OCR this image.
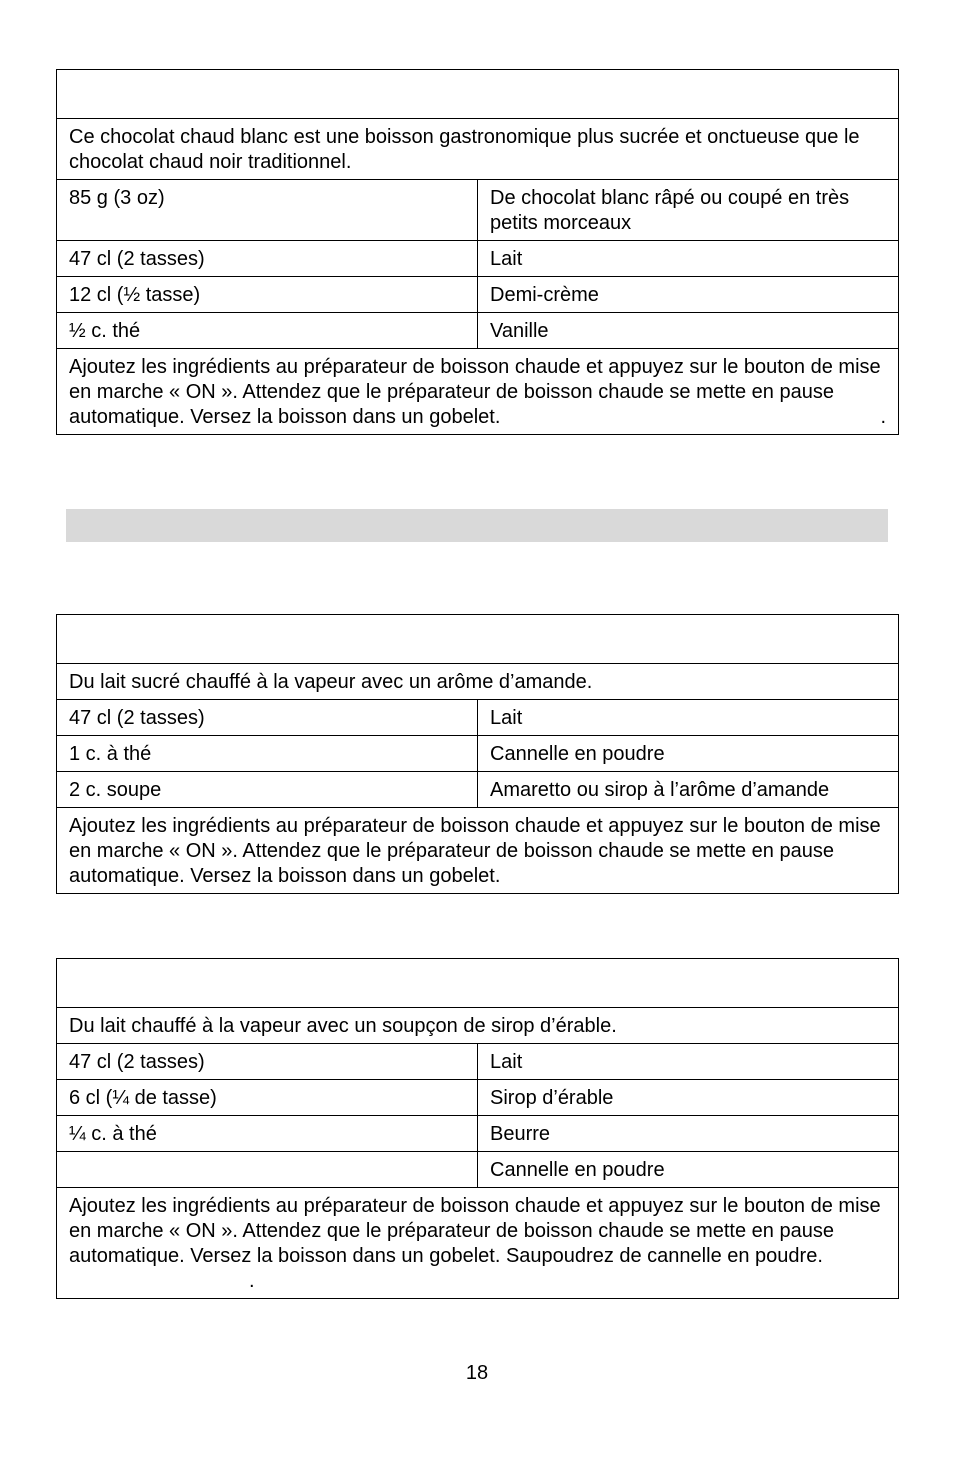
Ce chocolat chaud blanc est une boisson gastronomique plus sucrée et onctueuse que le chocolat chaud noir traditionnel.	
85 g (3 oz)	De chocolat blanc râpé ou coupé en très petits morceaux
47 cl (2 tasses)	Lait
12 cl (½ tasse)	Demi-crème
½ c. thé	Vanille
Ajoutez les ingrédients au préparateur de boisson chaude et appuyez sur le bouton de mise en marche « ON ». Attendez que le préparateur de boisson chaude se mette en pause automatique. Versez la boisson dans un gobelet. .	

Du lait sucré chauffé à la vapeur avec un arôme d’amande.	
47 cl (2 tasses)	Lait
1 c. à thé	Cannelle en poudre
2 c. soupe	Amaretto ou sirop à l’arôme d’amande
Ajoutez les ingrédients au préparateur de boisson chaude et appuyez sur le bouton de mise en marche « ON ». Attendez que le préparateur de boisson chaude se mette en pause automatique. Versez la boisson dans un gobelet.	

Du lait chauffé à la vapeur avec un soupçon de sirop d’érable.	
47 cl (2 tasses)	Lait
6 cl (¼ de tasse)	Sirop d’érable
¼ c. à thé	Beurre
	Cannelle en poudre
Ajoutez les ingrédients au préparateur de boisson chaude et appuyez sur le bouton de mise en marche « ON ». Attendez que le préparateur de boisson chaude se mette en pause automatique. Versez la boisson dans un gobelet. Saupoudrez de cannelle en poudre..	
18
